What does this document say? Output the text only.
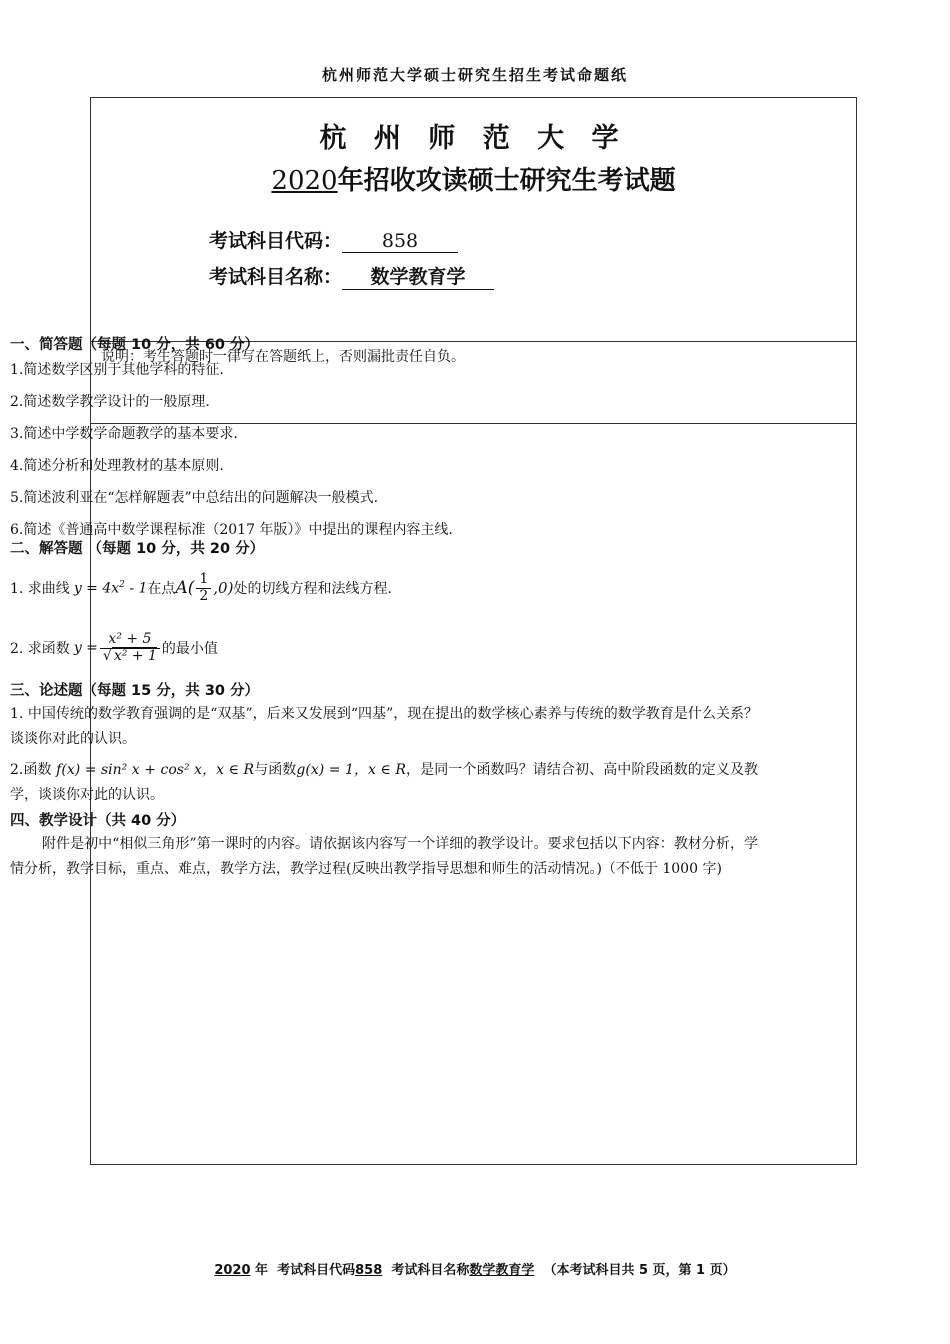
杭州师范大学硕士研究生招生考试命题纸
杭 州 师 范 大 学
2020年招收攻读硕士研究生考试题
考试科目代码： 858
考试科目名称： 数学教育学
说明：考生答题时一律写在答题纸上，否则漏批责任自负。
一、简答题（每题 10 分，共 60 分）
1.简述数学区别于其他学科的特征.
2.简述数学教学设计的一般原理.
3.简述中学数学命题教学的基本要求.
4.简述分析和处理教材的基本原则.
5.简述波利亚在“怎样解题表”中总结出的问题解决一般模式.
6.简述《普通高中数学课程标准（2017 年版）》中提出的课程内容主线.
二、解答题 （每题 10 分，共 20 分）
1. 求曲线 $y = 4x^2 - 1$ 在点 $A( \frac{1}{2} ,0)$ 处的切线方程和法线方程.
2. 求函数 $y = \frac{\text{x² + 5}}{\text{√ x² + 1}}$ 的最小值
三、论述题（每题 15 分，共 30 分）
1. 中国传统的数学教育强调的是“双基”，后来又发展到“四基”，现在提出的数学核心素养与传统的数学教育是什么关系？谈谈你对此的认识。
2.函数 f(x) = sin² x + cos² x，x ∈ R与函数g(x) = 1，x ∈ R，是同一个函数吗？请结合初、高中阶段函数的定义及教学，谈谈你对此的认识。
四、教学设计（共 40 分）
附件是初中“相似三角形”第一课时的内容。请依据该内容写一个详细的教学设计。要求包括以下内容：教材分析，学情分析，教学目标，重点、难点，教学方法，教学过程(反映出教学指导思想和师生的活动情况。)（不低于 1000 字)
2020 年 考试科目代码858 考试科目名称数学教育学 （本考试科目共 5 页，第 1 页）
